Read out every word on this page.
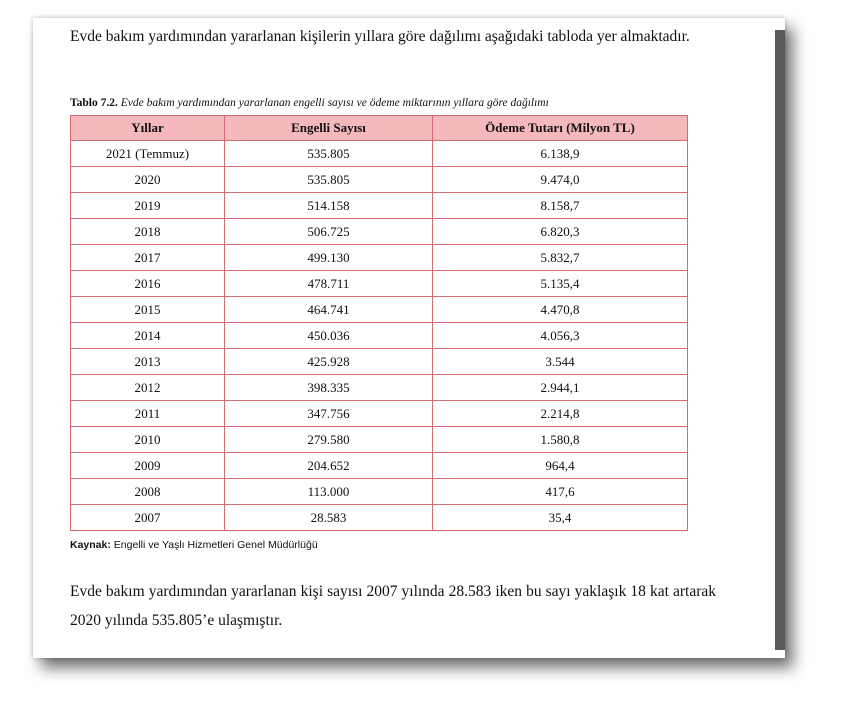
Evde bakım yardımından yararlanan kişilerin yıllara göre dağılımı aşağıdaki tabloda yer almaktadır.

Tablo 7.2. Evde bakım yardımından yararlanan engelli sayısı ve ödeme miktarının yıllara göre dağılımı

Yıllar	Engelli Sayısı	Ödeme Tutarı (Milyon TL)
2021 (Temmuz)	535.805	6.138,9
2020	535.805	9.474,0
2019	514.158	8.158,7
2018	506.725	6.820,3
2017	499.130	5.832,7
2016	478.711	5.135,4
2015	464.741	4.470,8
2014	450.036	4.056,3
2013	425.928	3.544
2012	398.335	2.944,1
2011	347.756	2.214,8
2010	279.580	1.580,8
2009	204.652	964,4
2008	113.000	417,6
2007	28.583	35,4

Kaynak: Engelli ve Yaşlı Hizmetleri Genel Müdürlüğü

Evde bakım yardımından yararlanan kişi sayısı 2007 yılında 28.583 iken bu sayı yaklaşık 18 kat artarak 2020 yılında 535.805’e ulaşmıştır.
